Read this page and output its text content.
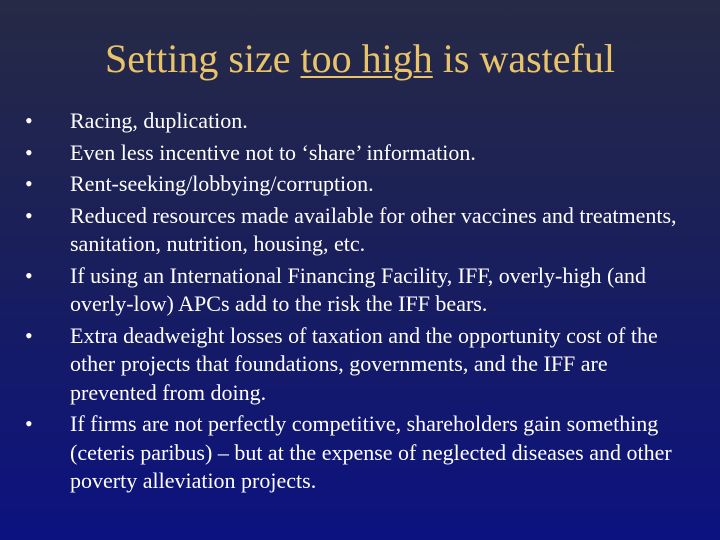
Setting size too high is wasteful
•	Racing, duplication.
•	Even less incentive not to ‘share’ information.
•	Rent-seeking/lobbying/corruption.
•	Reduced resources made available for other vaccines and treatments, sanitation, nutrition, housing, etc.
•	If using an International Financing Facility, IFF, overly-high (and overly-low) APCs add to the risk the IFF bears.
•	Extra deadweight losses of taxation and the opportunity cost of the other projects that foundations, governments, and the IFF are prevented from doing.
•	If firms are not perfectly competitive, shareholders gain something (ceteris paribus) – but at the expense of neglected diseases and other poverty alleviation projects.
